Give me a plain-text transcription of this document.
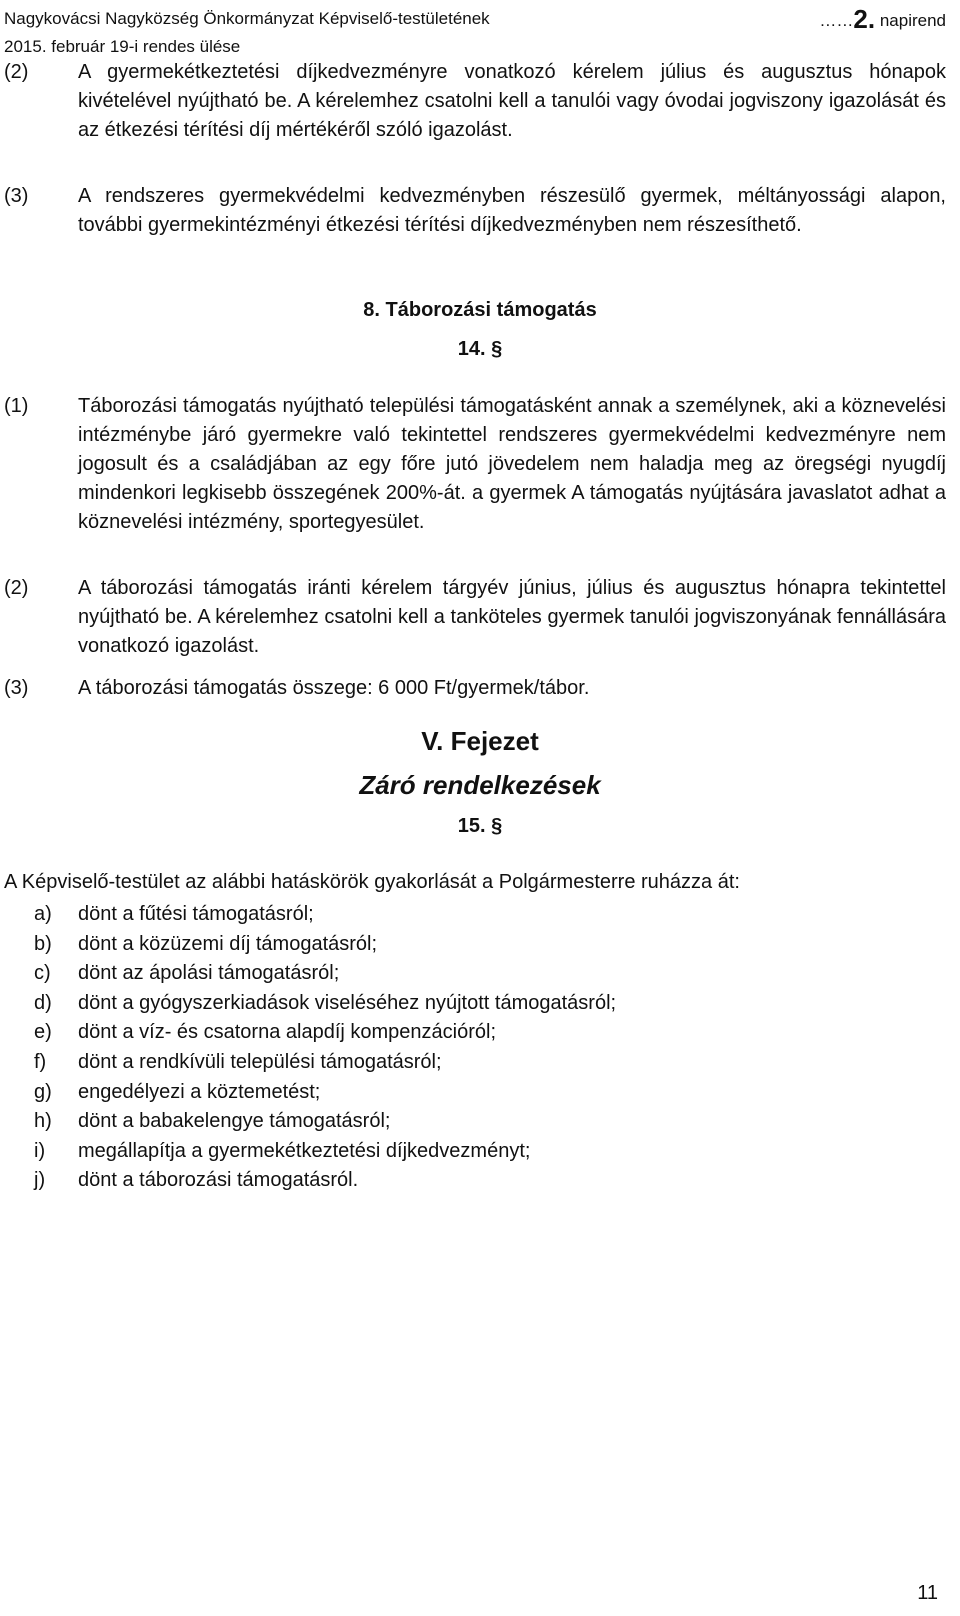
Nagykovácsi Nagyközség Önkormányzat Képviselő-testületének	……2. napirend
2015. február 19-i rendes ülése
(2) A gyermekétkeztetési díjkedvezményre vonatkozó kérelem július és augusztus hónapok kivételével nyújtható be. A kérelemhez csatolni kell a tanulói vagy óvodai jogviszony igazolását és az étkezési térítési díj mértékéről szóló igazolást.
(3) A rendszeres gyermekvédelmi kedvezményben részesülő gyermek, méltányossági alapon, további gyermekintézményi étkezési térítési díjkedvezményben nem részesíthető.
8. Táborozási támogatás
14. §
(1) Táborozási támogatás nyújtható települési támogatásként annak a személynek, aki a köznevelési intézménybe járó gyermekre való tekintettel rendszeres gyermekvédelmi kedvezményre nem jogosult és a családjában az egy főre jutó jövedelem nem haladja meg az öregségi nyugdíj mindenkori legkisebb összegének 200%-át. a gyermek A támogatás nyújtására javaslatot adhat a köznevelési intézmény, sportegyesület.
(2) A táborozási támogatás iránti kérelem tárgyév június, július és augusztus hónapra tekintettel nyújtható be. A kérelemhez csatolni kell a tanköteles gyermek tanulói jogviszonyának fennállására vonatkozó igazolást.
(3) A táborozási támogatás összege: 6 000 Ft/gyermek/tábor.
V. Fejezet
Záró rendelkezések
15. §
A Képviselő-testület az alábbi hatáskörök gyakorlását a Polgármesterre ruházza át:
a) dönt a fűtési támogatásról;
b) dönt a közüzemi díj támogatásról;
c) dönt az ápolási támogatásról;
d) dönt a gyógyszerkiadások viseléséhez nyújtott támogatásról;
e) dönt a víz- és csatorna alapdíj kompenzációról;
f) dönt a rendkívüli települési támogatásról;
g) engedélyezi a köztemetést;
h) dönt a babakelengye támogatásról;
i) megállapítja a gyermekétkeztetési díjkedvezményt;
j) dönt a táborozási támogatásról.
11
